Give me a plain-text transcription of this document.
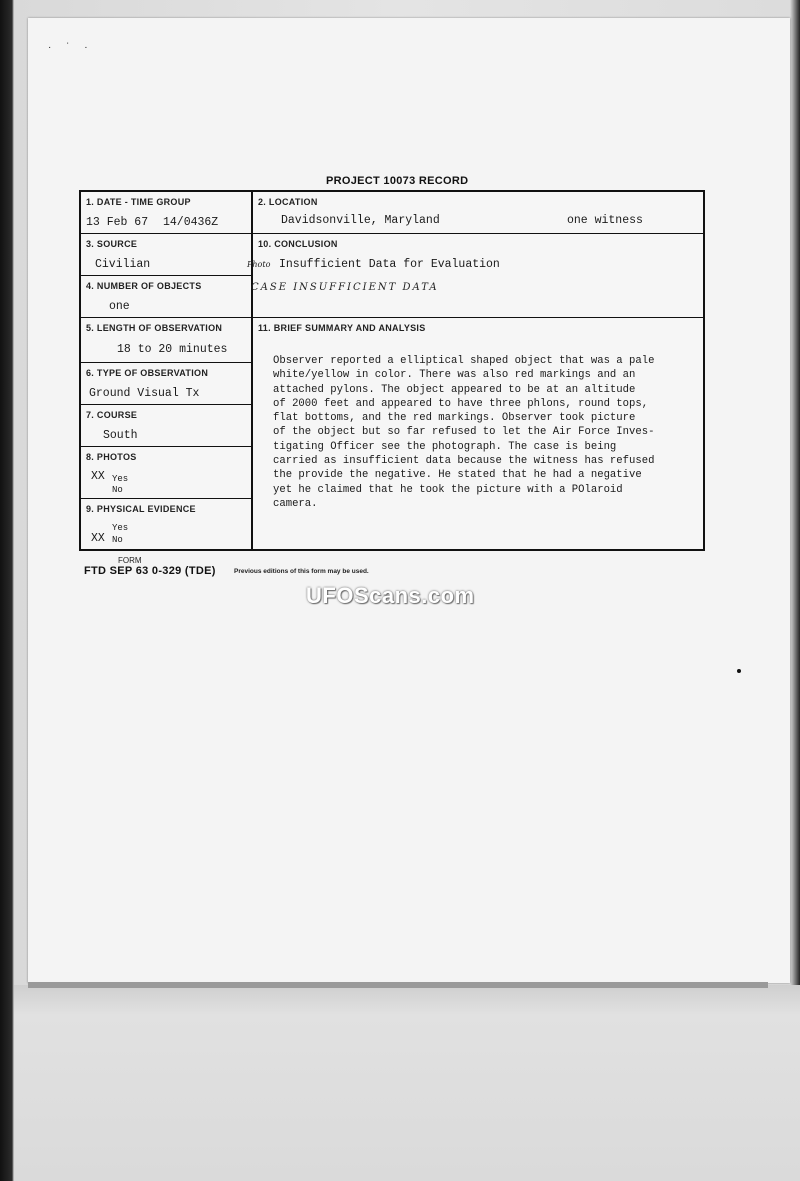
· ˈ ·
PROJECT 10073 RECORD
1. DATE - TIME GROUP
13 Feb 67 14/0436Z
3. SOURCE
Civilian
4. NUMBER OF OBJECTS
one
5. LENGTH OF OBSERVATION
18 to 20 minutes
6. TYPE OF OBSERVATION
Ground Visual Tx
7. COURSE
South
8. PHOTOS
XX Yes
No
9. PHYSICAL EVIDENCE
Yes
XX No
2. LOCATION
Davidsonville, Maryland	one witness
10. CONCLUSION
Photo Insufficient Data for Evaluation
CASE INSUFFICIENT DATA
11. BRIEF SUMMARY AND ANALYSIS
Observer reported a elliptical shaped object that was a pale
white/yellow in color. There was also red markings and an
attached pylons. The object appeared to be at an altitude
of 2000 feet and appeared to have three phlons, round tops,
flat bottoms, and the red markings. Observer took picture
of the object but so far refused to let the Air Force Inves-
tigating Officer see the photograph. The case is being
carried as insufficient data because the witness has refused
the provide the negative. He stated that he had a negative
yet he claimed that he took the picture with a POlaroid
camera.
FORM
FTD SEP 63 0-329 (TDE)	Previous editions of this form may be used.
UFOScans.com
